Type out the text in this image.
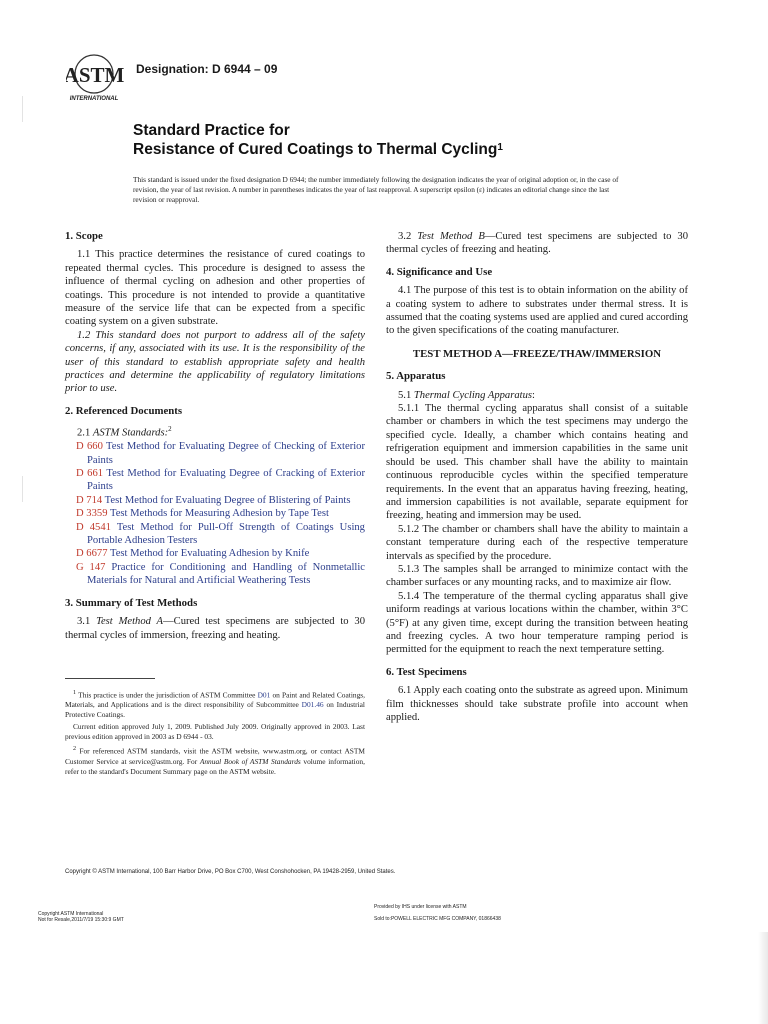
ASTM
INTERNATIONAL
Designation: D 6944 – 09
Standard Practice for
Resistance of Cured Coatings to Thermal Cycling$^1$
This standard is issued under the fixed designation D 6944; the number immediately following the designation indicates the year of original adoption or, in the case of revision, the year of last revision. A number in parentheses indicates the year of last reapproval. A superscript epsilon (ε) indicates an editorial change since the last revision or reapproval.
1. Scope

1.1 This practice determines the resistance of cured coatings to repeated thermal cycles. This procedure is designed to assess the influence of thermal cycling on adhesion and other properties of coatings. This procedure is not intended to provide a quantitative measure of the service life that can be expected from a specific coating system on a given substrate.

1.2 This standard does not purport to address all of the safety concerns, if any, associated with its use. It is the responsibility of the user of this standard to establish appropriate safety and health practices and determine the applicability of regulatory limitations prior to use.

2. Referenced Documents

2.1 ASTM Standards:$^2$

D 660 Test Method for Evaluating Degree of Checking of Exterior Paints

D 661 Test Method for Evaluating Degree of Cracking of Exterior Paints

D 714 Test Method for Evaluating Degree of Blistering of Paints

D 3359 Test Methods for Measuring Adhesion by Tape Test

D 4541 Test Method for Pull-Off Strength of Coatings Using Portable Adhesion Testers

D 6677 Test Method for Evaluating Adhesion by Knife

G 147 Practice for Conditioning and Handling of Nonmetallic Materials for Natural and Artificial Weathering Tests

3. Summary of Test Methods

3.1 Test Method A—Cured test specimens are subjected to 30 thermal cycles of immersion, freezing and heating.

$^1$ This practice is under the jurisdiction of ASTM Committee D01 on Paint and Related Coatings, Materials, and Applications and is the direct responsibility of Subcommittee D01.46 on Industrial Protective Coatings.

Current edition approved July 1, 2009. Published July 2009. Originally approved in 2003. Last previous edition approved in 2003 as D 6944 - 03.

$^2$ For referenced ASTM standards, visit the ASTM website, www.astm.org, or contact ASTM Customer Service at service@astm.org. For Annual Book of ASTM Standards volume information, refer to the standard's Document Summary page on the ASTM website.

3.2 Test Method B—Cured test specimens are subjected to 30 thermal cycles of freezing and heating.

4. Significance and Use

4.1 The purpose of this test is to obtain information on the ability of a coating system to adhere to substrates under thermal stress. It is assumed that the coating systems used are applied and cured according to the given specifications of the coating manufacturer.

TEST METHOD A—FREEZE/THAW/IMMERSION
5. Apparatus

5.1 Thermal Cycling Apparatus:

5.1.1 The thermal cycling apparatus shall consist of a suitable chamber or chambers in which the test specimens may undergo the specified cycle. Ideally, a chamber which contains heating and refrigeration equipment and immersion capabilities in the same unit should be used. This chamber shall have the ability to maintain continuous reproducible cycles within the specified temperature requirements. In the event that an apparatus having freezing, heating, and immersion capabilities is not available, separate equipment for freezing, heating and immersion may be used.

5.1.2 The chamber or chambers shall have the ability to maintain a constant temperature during each of the respective temperature intervals as specified by the procedure.

5.1.3 The samples shall be arranged to minimize contact with the chamber surfaces or any mounting racks, and to maximize air flow.

5.1.4 The temperature of the thermal cycling apparatus shall give uniform readings at various locations within the chamber, within 3°C (5°F) at any given time, except during the transition between heating and freezing cycles. A two hour temperature ramping period is permitted for the equipment to reach the next temperature setting.

6. Test Specimens

6.1 Apply each coating onto the substrate as agreed upon. Minimum film thicknesses should take substrate profile into account when applied.

Copyright © ASTM International, 100 Barr Harbor Drive, PO Box C700, West Conshohocken, PA 19428-2959, United States.
Copyright ASTM International
Not for Resale,2011/7/19 15:30:9 GMT
Provided by IHS under license with ASTM
Sold to:POWELL ELECTRIC MFG COMPANY, 01866438
